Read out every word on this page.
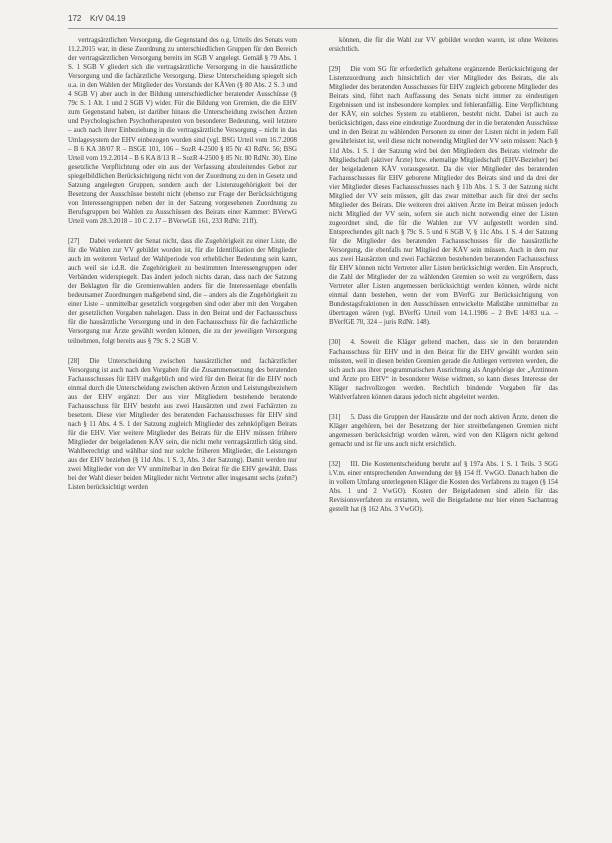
172 KrV 04.19

vertragsärztlichen Versorgung, die Gegenstand des o.g. Urteils des Senats vom 11.2.2015 war, in diese Zuordnung zu unterschiedlichen Gruppen für den Bereich der vertragsärztlichen Versorgung bereits im SGB V angelegt. Gemäß § 79 Abs. 1 S. 1 SGB V gliedert sich die vertragsärztliche Versorgung in die hausärztliche Versorgung und die fachärztliche Versorgung. Diese Unterscheidung spiegelt sich u.a. in den Wahlen der Mitglieder des Vorstands der KÄVen (§ 80 Abs. 2 S. 3 und 4 SGB V) aber auch in der Bildung unterschiedlicher beratender Ausschüsse (§ 79c S. 1 Alt. 1 und 2 SGB V) wider. Für die Bildung von Gremien, die die EHV zum Gegenstand haben, ist darüber hinaus die Unterscheidung zwischen Ärzten und Psychologischen Psychotherapeuten von besonderer Bedeutung, weil letztere – auch nach ihrer Einbeziehung in die vertragsärztliche Versorgung – nicht in das Umlagesystem der EHV einbezogen worden sind (vgl. BSG Urteil vom 16.7.2008 – B 6 KA 38/07 R – BSGE 101, 106 – SozR 4-2500 § 85 Nr 43 RdNr. 56; BSG Urteil vom 19.2.2014 – B 6 KA 8/13 R – SozR 4-2500 § 85 Nr. 80 RdNr. 30). Eine gesetzliche Verpflichtung oder ein aus der Verfassung abzuleitendes Gebot zur spiegelbildlichen Berücksichtigung nicht von der Zuordnung zu den in Gesetz und Satzung angelegten Gruppen, sondern auch der Listenzugehörigkeit bei der Besetzung der Ausschüsse besteht nicht (ebenso zur Frage der Berücksichtigung von Interessengruppen neben der in der Satzung vorgesehenen Zuordnung zu Berufsgruppen bei Wahlen zu Ausschüssen des Beirats einer Kammer: BVerwG Urteil vom 28.3.2018 – 10 C 2.17 – BVerwGE 161, 233 RdNr. 21ff).

[27] Dabei verkennt der Senat nicht, dass die Zugehörigkeit zu einer Liste, die für die Wahlen zur VV gebildet worden ist, für die Identifikation der Mitglieder auch im weiteren Verlauf der Wahlperiode von erheblicher Bedeutung sein kann, auch weil sie i.d.R. die Zugehörigkeit zu bestimmten Interessengruppen oder Verbänden widerspiegelt. Das ändert jedoch nichts daran, dass nach der Satzung der Beklagten für die Gremienwahlen anders für die Interessenlage ebenfalls bedeutsamer Zuordnungen maßgebend sind, die – anders als die Zugehörigkeit zu einer Liste – unmittelbar gesetzlich vorgegeben sind oder aber mit den Vorgaben der gesetzlichen Vorgaben nahelagen. Dass in den Beirat und der Fachausschuss für die hausärztliche Versorgung und in den Fachausschuss für die fachärztliche Versorgung nur Ärzte gewählt werden können, die zu der jeweiligen Versorgung teilnehmen, folgt bereits aus § 79c S. 2 SGB V.

[28] Die Unterscheidung zwischen hausärztlicher und fachärztlicher Versorgung ist auch nach den Vorgaben für die Zusammensetzung des beratenden Fachausschusses für EHV maßgeblich und wird für den Beirat für die EHV noch einmal durch die Unterscheidung zwischen aktiven Ärzten und Leistungsbeziehern aus der EHV ergänzt: Der aus vier Mitgliedern bestehende beratende Fachausschuss für EHV besteht aus zwei Hausärzten und zwei Fachärzten zu besetzen. Diese vier Mitglieder des beratenden Fachausschusses für EHV sind nach § 11 Abs. 4 S. 1 der Satzung zugleich Mitglieder des zehnköpfigen Beirats für die EHV. Vier weitere Mitglieder des Beirats für die EHV müssen frühere Mitglieder der beigeladenen KÄV sein, die nicht mehr vertragsärztlich tätig sind. Wahlberechtigt und wählbar sind nur solche früheren Mitglieder, die Leistungen aus der EHV beziehen (§ 11d Abs. 1 S. 3, Abs. 3 der Satzung). Damit werden nur zwei Mitglieder von der VV unmittelbar in den Beirat für die EHV gewählt. Dass bei der Wahl dieser beiden Mitglieder nicht Vertreter aller insgesamt sechs (zehn?) Listen berücksichtigt werden

können, die für die Wahl zur VV gebildet worden waren, ist ohne Weiteres ersichtlich.

[29] Die vom SG für erforderlich gehaltene ergänzende Berücksichtigung der Listenzuordnung auch hinsichtlich der vier Mitglieder des Beirats, die als Mitglieder des beratenden Ausschusses für EHV zugleich geborene Mitglieder des Beirats sind, führt nach Auffassung des Senats nicht immer zu eindeutigen Ergebnissen und ist insbesondere komplex und fehleranfällig. Eine Verpflichtung der KÄV, ein solches System zu etablieren, besteht nicht. Dabei ist auch zu berücksichtigen, dass eine eindeutige Zuordnung der in die beratenden Ausschüsse und in den Beirat zu wählenden Personen zu einer der Listen nicht in jedem Fall gewährleistet ist, weil diese nicht notwendig Mitglied der VV sein müssen: Nach § 11d Abs. 1 S. 1 der Satzung wird bei den Mitgliedern des Beirats vielmehr die Mitgliedschaft (aktiver Ärzte) bzw. ehemalige Mitgliedschaft (EHV-Bezieher) bei der beigeladenen KÄV vorausgesetzt. Da die vier Mitglieder des beratenden Fachausschusses für EHV geborene Mitglieder des Beirats sind und da drei der vier Mitglieder dieses Fachausschusses nach § 11b Abs. 1 S. 3 der Satzung nicht Mitglied der VV sein müssen, gilt das zwar mittelbar auch für drei der sechs Mitglieder des Beirats. Die weiteren drei aktiven Ärzte im Beirat müssen jedoch nicht Mitglied der VV sein, sofern sie auch nicht notwendig einer der Listen zugeordnet sind, die für die Wahlen zur VV aufgestellt worden sind. Entsprechendes gilt nach § 79c S. 5 und 6 SGB V, § 11c Abs. 1 S. 4 der Satzung für die Mitglieder des beratenden Fachausschusses für die hausärztliche Versorgung, die ebenfalls nur Mitglied der KÄV sein müssen. Auch in dem nur aus zwei Hausärzten und zwei Fachärzten bestehenden beratenden Fachausschuss für EHV können nicht Vertreter aller Listen berücksichtigt werden. Ein Anspruch, die Zahl der Mitglieder der zu wählenden Gremien so weit zu vergrößern, dass Vertreter aller Listen angemessen berücksichtigt werden können, würde nicht einmal dann bestehen, wenn der vom BVerfG zur Berücksichtigung von Bundestagsfraktionen in den Ausschüssen entwickelte Maßstäbe unmittelbar zu übertragen wären (vgl. BVerfG Urteil vom 14.1.1986 – 2 BvE 14/83 u.a. – BVerfGE 70, 324 – juris RdNr. 148).

[30] 4. Soweit die Kläger geltend machen, dass sie in den beratenden Fachausschuss für EHV und in den Beirat für die EHV gewählt worden sein müssten, weil in diesen beiden Gremien gerade die Anliegen vertreten werden, die sich auch aus ihrer programmatischen Ausrichtung als Angehörige der „Ärztinnen und Ärzte pro EHV“ in besonderer Weise widmen, so kann dieses Interesse der Kläger nachvollzogen werden. Rechtlich bindende Vorgaben für das Wahlverfahren können daraus jedoch nicht abgeleitet werden.

[31] 5. Dass die Gruppen der Hausärzte und der noch aktiven Ärzte, denen die Kläger angehören, bei der Besetzung der hier streitbefangenen Gremien nicht angemessen berücksichtigt worden wären, wird von den Klägern nicht geltend gemacht und ist für uns auch nicht ersichtlich.

[32] III. Die Kostenentscheidung beruht auf § 197a Abs. 1 S. 1 Teils. 3 SGG i.V.m. einer entsprechenden Anwendung der §§ 154 ff. VwGO. Danach haben die in vollem Umfang unterlegenen Kläger die Kosten des Verfahrens zu tragen (§ 154 Abs. 1 und 2 VwGO). Kosten der Beigeladenen sind allein für das Revisionsverfahren zu erstatten, weil die Beigeladene nur hier einen Sachantrag gestellt hat (§ 162 Abs. 3 VwGO).
